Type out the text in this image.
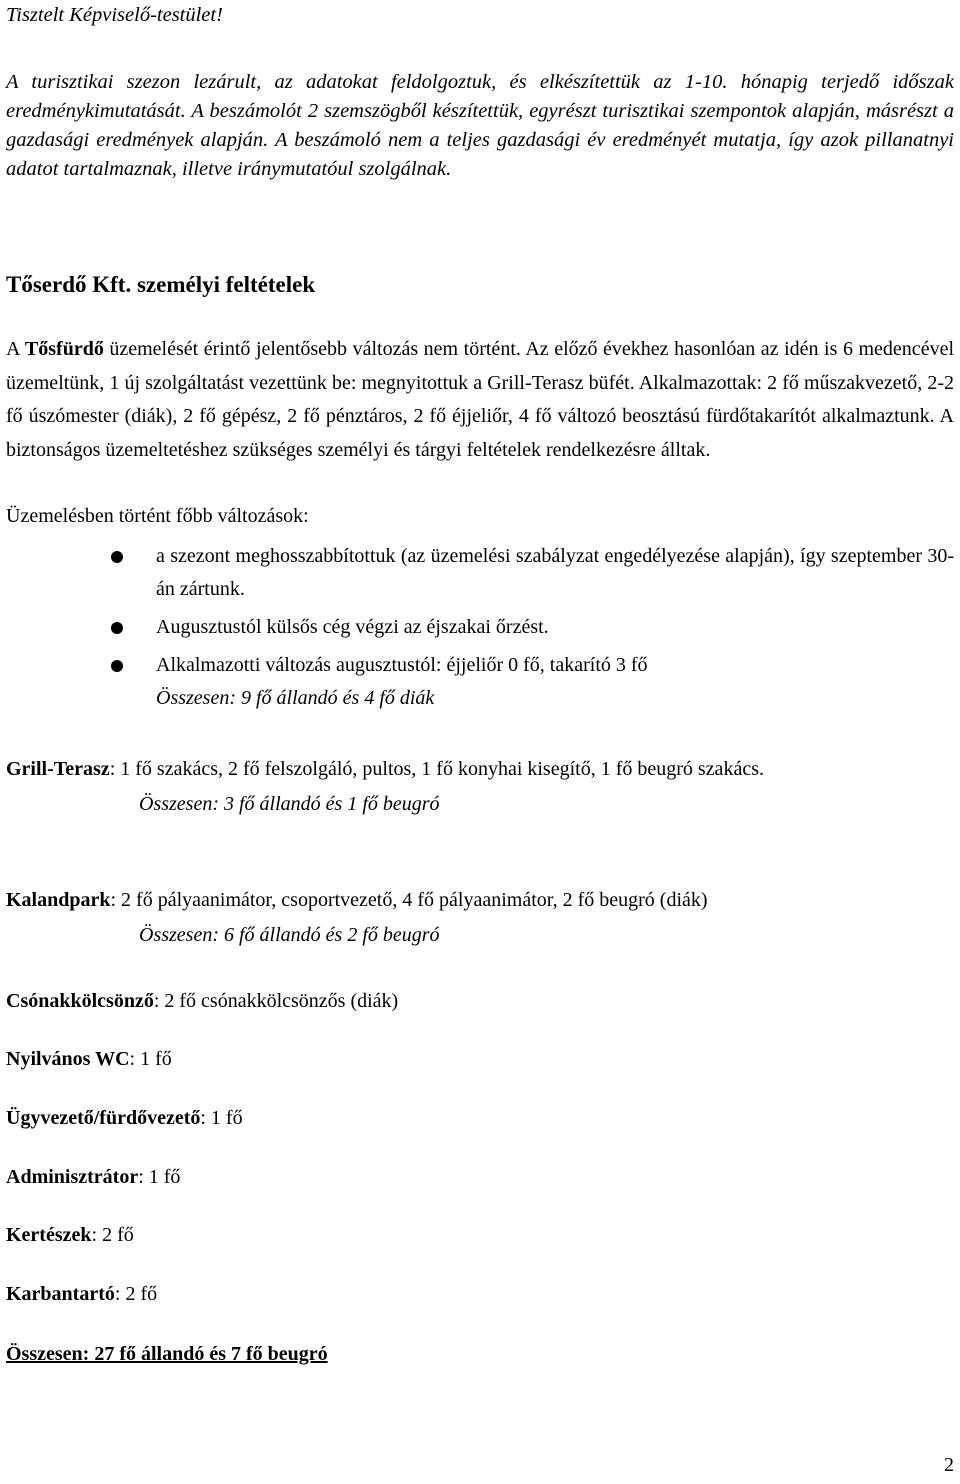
Tisztelt Képviselő-testület!

A turisztikai szezon lezárult, az adatokat feldolgoztuk, és elkészítettük az 1-10. hónapig terjedő időszak eredménykimutatását. A beszámolót 2 szemszögből készítettük, egyrészt turisztikai szempontok alapján, másrészt a gazdasági eredmények alapján. A beszámoló nem a teljes gazdasági év eredményét mutatja, így azok pillanatnyi adatot tartalmaznak, illetve iránymutatóul szolgálnak.

Tőserdő Kft. személyi feltételek

A Tősfürdő üzemelését érintő jelentősebb változás nem történt. Az előző évekhez hasonlóan az idén is 6 medencével üzemeltünk, 1 új szolgáltatást vezettünk be: megnyitottuk a Grill-Terasz büfét. Alkalmazottak: 2 fő műszakvezető, 2-2 fő úszómester (diák), 2 fő gépész, 2 fő pénztáros, 2 fő éjjeliőr, 4 fő változó beosztású fürdőtakarítót alkalmaztunk. A biztonságos üzemeltetéshez szükséges személyi és tárgyi feltételek rendelkezésre álltak.

Üzemelésben történt főbb változások:

a szezont meghosszabbítottuk (az üzemelési szabályzat engedélyezése alapján), így szeptember 30-án zártunk.
Augusztustól külsős cég végzi az éjszakai őrzést.
Alkalmazotti változás augusztustól: éjjeliőr 0 fő, takarító 3 fő
Összesen: 9 fő állandó és 4 fő diák
Grill-Terasz: 1 fő szakács, 2 fő felszolgáló, pultos, 1 fő konyhai kisegítő, 1 fő beugró szakács.
Összesen: 3 fő állandó és 1 fő beugró
Kalandpark: 2 fő pályaanimátor, csoportvezető, 4 fő pályaanimátor, 2 fő beugró (diák)
Összesen: 6 fő állandó és 2 fő beugró

Csónakkölcsönző: 2 fő csónakkölcsönzős (diák)

Nyilvános WC: 1 fő

Ügyvezető/fürdővezető: 1 fő

Adminisztrátor: 1 fő

Kertészek: 2 fő

Karbantartó: 2 fő

Összesen: 27 fő állandó és 7 fő beugró

2
